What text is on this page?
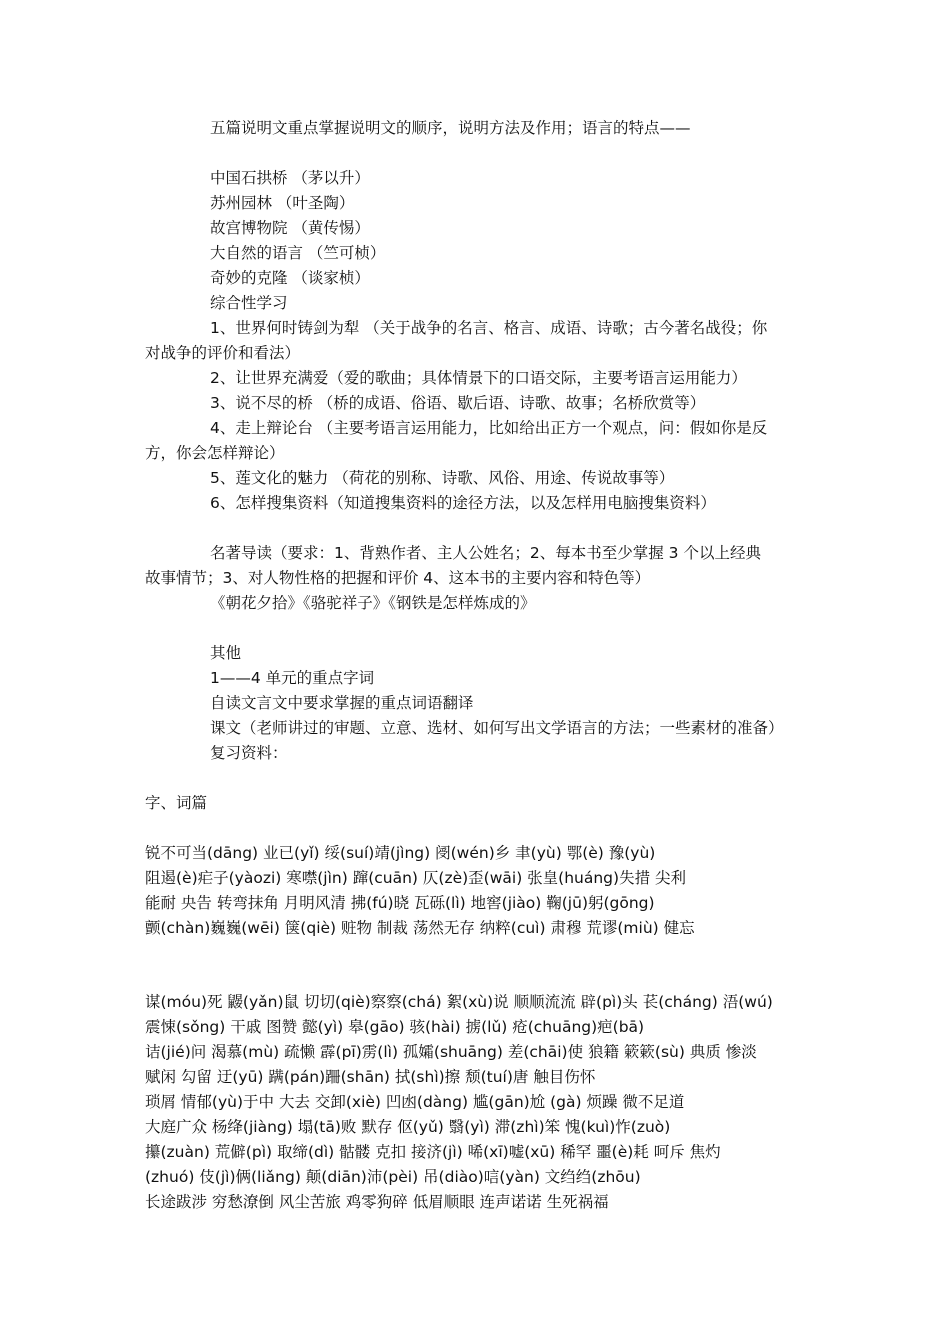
五篇说明文重点掌握说明文的顺序，说明方法及作用；语言的特点——
中国石拱桥 （茅以升）
苏州园林 （叶圣陶）
故宫博物院 （黄传惕）
大自然的语言 （竺可桢）
奇妙的克隆 （谈家桢）
综合性学习
1、世界何时铸剑为犁 （关于战争的名言、格言、成语、诗歌；古今著名战役；你
对战争的评价和看法）
2、让世界充满爱（爱的歌曲；具体情景下的口语交际，主要考语言运用能力）
3、说不尽的桥 （桥的成语、俗语、歇后语、诗歌、故事；名桥欣赏等）
4、走上辩论台 （主要考语言运用能力，比如给出正方一个观点，问：假如你是反
方，你会怎样辩论）
5、莲文化的魅力 （荷花的别称、诗歌、风俗、用途、传说故事等）
6、怎样搜集资料（知道搜集资料的途径方法，以及怎样用电脑搜集资料）
名著导读（要求：1、背熟作者、主人公姓名；2、每本书至少掌握 3 个以上经典
故事情节；3、对人物性格的把握和评价 4、这本书的主要内容和特色等）
《朝花夕拾》《骆驼祥子》《钢铁是怎样炼成的》
其他
1——4 单元的重点字词
自读文言文中要求掌握的重点词语翻译
课文（老师讲过的审题、立意、选材、如何写出文学语言的方法；一些素材的准备）
复习资料：
字、词篇
锐不可当(dāng) 业已(yǐ) 绥(suí)靖(jìng) 阌(wén)乡 聿(yù) 鄂(è) 豫(yù)
阻遏(è)疟子(yàozi) 寒噤(jìn) 蹿(cuān) 仄(zè)歪(wāi) 张皇(huáng)失措 尖利
能耐 央告 转弯抹角 月明风清 拂(fú)晓 瓦砾(lì) 地窖(jiào) 鞠(jū)躬(gōng)
颤(chàn)巍巍(wēi) 箧(qiè) 赃物 制裁 荡然无存 纳粹(cuì) 肃穆 荒谬(miù) 健忘
谋(móu)死 鼹(yǎn)鼠 切切(qiè)察察(chá) 絮(xù)说 顺顺流流 辟(pì)头 苌(cháng) 浯(wú)
震悚(sǒng) 干戚 图赞 懿(yì) 皋(gāo) 骇(hài) 掳(lǔ) 疮(chuāng)疤(bā)
诘(jié)问 渴慕(mù) 疏懒 霹(pī)雳(lì) 孤孀(shuāng) 差(chāi)使 狼籍 簌簌(sù) 典质 惨淡
赋闲 勾留 迂(yū) 蹒(pán)跚(shān) 拭(shì)擦 颓(tuí)唐 触目伤怀
琐屑 情郁(yù)于中 大去 交卸(xiè) 凹凼(dàng) 尴(gān)尬 (gà) 烦躁 微不足道
大庭广众 杨绛(jiàng) 塌(tā)败 默存 伛(yǔ) 翳(yì) 滞(zhì)笨 愧(kuì)怍(zuò)
攥(zuàn) 荒僻(pì) 取缔(dì) 骷髅 克扣 接济(jì) 唏(xī)嘘(xū) 稀罕 噩(è)耗 呵斥 焦灼
(zhuó) 伎(jì)俩(liǎng) 颠(diān)沛(pèi) 吊(diào)唁(yàn) 文绉绉(zhōu)
长途跋涉 穷愁潦倒 风尘苦旅 鸡零狗碎 低眉顺眼 连声诺诺 生死祸福
